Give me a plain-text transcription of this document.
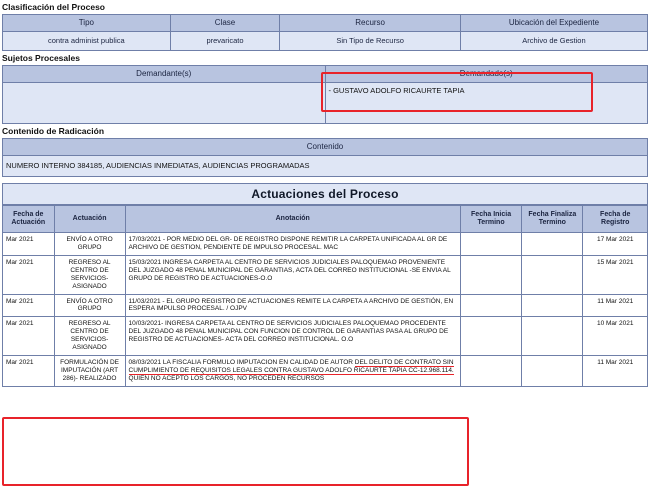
Clasificación del Proceso
Tipo	Clase	Recurso	Ubicación del Expediente
contra administ publica	prevaricato	Sin Tipo de Recurso	Archivo de Gestion
Sujetos Procesales
Demandante(s)	Demandado(s)
	- GUSTAVO ADOLFO RICAURTE TAPIA
Contenido de Radicación
Contenido
NUMERO INTERNO 384185, AUDIENCIAS INMEDIATAS, AUDIENCIAS PROGRAMADAS
Actuaciones del Proceso
Fecha de Actuación	Actuación	Anotación	Fecha Inicia Termino	Fecha Finaliza Termino	Fecha de Registro
Mar 2021	ENVÍO A OTRO GRUPO	17/03/2021 - POR MEDIO DEL GR- DE REGISTRO DISPONE REMITIR LA CARPETA UNIFICADA AL GR DE ARCHIVO DE GESTION, PENDIENTE DE IMPULSO PROCESAL. MAC			17 Mar 2021
Mar 2021	REGRESO AL CENTRO DE SERVICIOS- ASIGNADO	15/03/2021 INGRESA CARPETA AL CENTRO DE SERVICIOS JUDICIALES PALOQUEMAO PROVENIENTE DEL JUZGADO 48 PENAL MUNICIPAL DE GARANTIAS, ACTA DEL CORREO INSTITUCIONAL -SE ENVIA AL GRUPO DE REGISTRO DE ACTUACIONES-O.O			15 Mar 2021
Mar 2021	ENVÍO A OTRO GRUPO	11/03/2021 - EL GRUPO REGISTRO DE ACTUACIONES REMITE LA CARPETA A ARCHIVO DE GESTIÓN, EN ESPERA IMPULSO PROCESAL. / OJPV			11 Mar 2021
Mar 2021	REGRESO AL CENTRO DE SERVICIOS- ASIGNADO	10/03/2021- INGRESA CARPETA AL CENTRO DE SERVICIOS JUDICIALES PALOQUEMAO PROCEDENTE DEL JUZGADO 48 PENAL MUNICIPAL CON FUNCION DE CONTROL DE GARANTIAS PASA AL GRUPO DE REGISTRO DE ACTUACIONES- ACTA DEL CORREO INSTITUCIONAL. O.O			10 Mar 2021
Mar 2021	FORMULACIÓN DE IMPUTACIÓN (ART 286)- REALIZADO	08/03/2021 LA FISCALIA FORMULO IMPUTACION EN CALIDAD DE AUTOR DEL DELITO DE CONTRATO SIN CUMPLIMIENTO DE REQUISITOS LEGALES CONTRA GUSTAVO ADOLFO RICAURTE TAPIA CC-12.968.114. QUIEN NO ACEPTO LOS CARGOS, NO PROCEDEN RECURSOS			11 Mar 2021
